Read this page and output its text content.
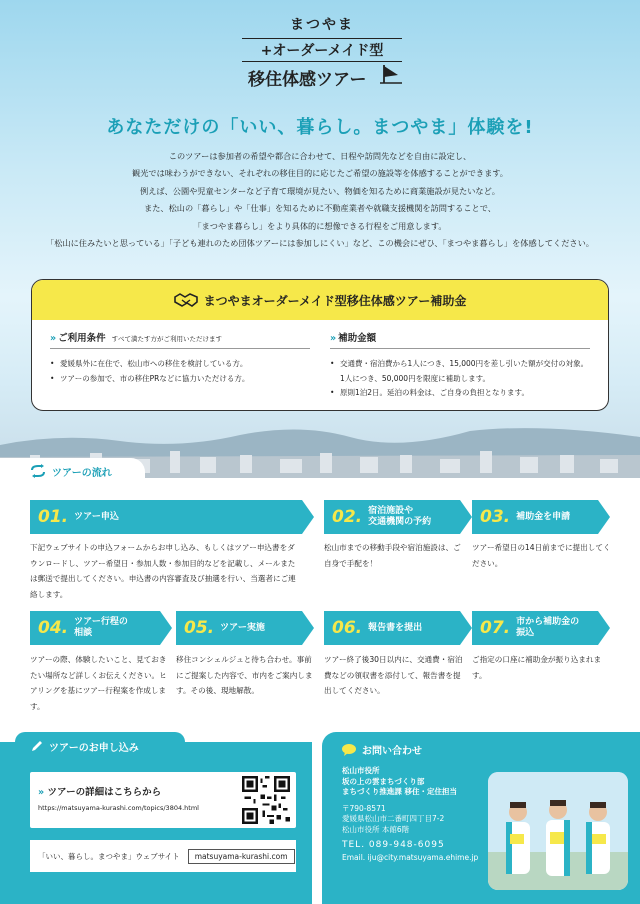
まつやま
+オーダーメイド型
移住体感ツアー
あなただけの「いい、暮らし。まつやま」体験を!
このツアーは参加者の希望や都合に合わせて、日程や訪問先などを自由に設定し、
観光では味わうができない、それぞれの移住目的に応じたご希望の施設等を体感することができます。
例えば、公園や児童センターなど子育て環境が見たい、物価を知るために商業施設が見たいなど。
また、松山の「暮らし」や「仕事」を知るために不動産業者や就職支援機関を訪問することで、
「まつやま暮らし」をより具体的に想像できる行程をご用意します。
「松山に住みたいと思っている」「子ども連れのため団体ツアーには参加しにくい」など、この機会にぜひ、「まつやま暮らし」を体感してください。
まつやまオーダーメイド型移住体感ツアー補助金
» ご利用条件 すべて満たす方がご利用いただけます
• 愛媛県外に在住で、松山市への移住を検討している方。
• ツアーの参加で、市の移住PRなどに協力いただける方。
» 補助金額
• 交通費・宿泊費から1人につき、15,000円を差し引いた額が交付の対象。1人につき、50,000円を限度に補助します。
• 原則1泊2日。延泊の料金は、ご自身の負担となります。
ツアーの流れ
01. ツアー申込
下記ウェブサイトの申込フォームからお申し込み、もしくはツアー申込書をダウンロードし、ツアー希望日・参加人数・参加目的などを記載し、メールまたは郵送で提出してください。申込書の内容審査及び抽選を行い、当選者にご連絡します。
02. 宿泊施設や
交通機関の予約
松山市までの移動手段や宿泊施設は、ご自身で手配を！
03. 補助金を申請
ツアー希望日の14日前までに提出してください。
04. ツアー行程の
相談
ツアーの際、体験したいこと、見ておきたい場所など詳しくお伝えください。ヒアリングを基にツアー行程案を作成します。
05. ツアー実施
移住コンシェルジュと待ち合わせ。事前にご提案した内容で、市内をご案内します。その後、現地解散。
06. 報告書を提出
ツアー終了後30日以内に、交通費・宿泊費などの領収書を添付して、報告書を提出してください。
07. 市から補助金の
振込
ご指定の口座に補助金が振り込まれます。
ツアーのお申し込み
» ツアーの詳細はこちらから
https://matsuyama-kurashi.com/topics/3804.html
「いい、暮らし。まつやま」ウェブサイト	matsuyama-kurashi.com
お問い合わせ
松山市役所
坂の上の雲まちづくり部
まちづくり推進課 移住・定住担当
〒790-8571
愛媛県松山市二番町四丁目7-2
松山市役所 本館6階
TEL. 089-948-6095
Email. iju@city.matsuyama.ehime.jp
